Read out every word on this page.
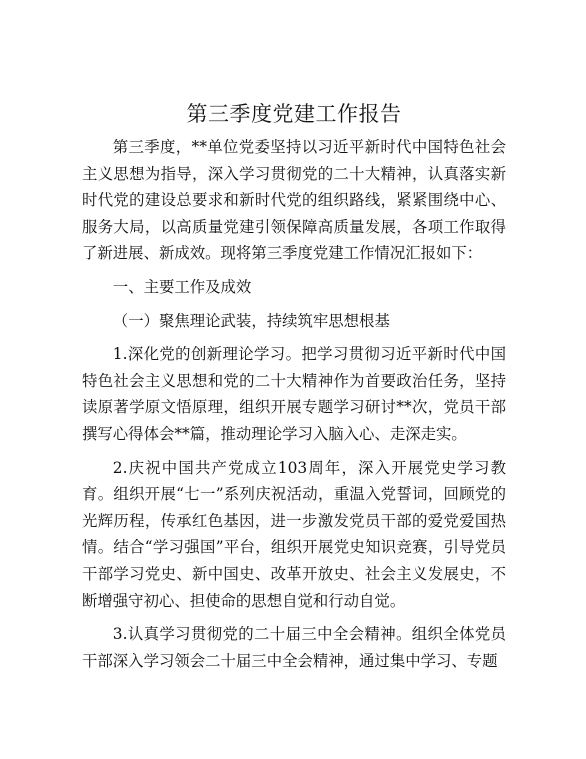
第三季度党建工作报告

第三季度，**单位党委坚持以习近平新时代中国特色社会主义思想为指导，深入学习贯彻党的二十大精神，认真落实新时代党的建设总要求和新时代党的组织路线，紧紧围绕中心、服务大局，以高质量党建引领保障高质量发展，各项工作取得了新进展、新成效。现将第三季度党建工作情况汇报如下：

一、主要工作及成效

（一）聚焦理论武装，持续筑牢思想根基

1.深化党的创新理论学习。把学习贯彻习近平新时代中国特色社会主义思想和党的二十大精神作为首要政治任务，坚持读原著学原文悟原理，组织开展专题学习研讨**次，党员干部撰写心得体会**篇，推动理论学习入脑入心、走深走实。

2.庆祝中国共产党成立103周年，深入开展党史学习教育。组织开展“七一”系列庆祝活动，重温入党誓词，回顾党的光辉历程，传承红色基因，进一步激发党员干部的爱党爱国热情。结合“学习强国”平台，组织开展党史知识竞赛，引导党员干部学习党史、新中国史、改革开放史、社会主义发展史，不断增强守初心、担使命的思想自觉和行动自觉。

3.认真学习贯彻党的二十届三中全会精神。组织全体党员干部深入学习领会二十届三中全会精神，通过集中学习、专题
